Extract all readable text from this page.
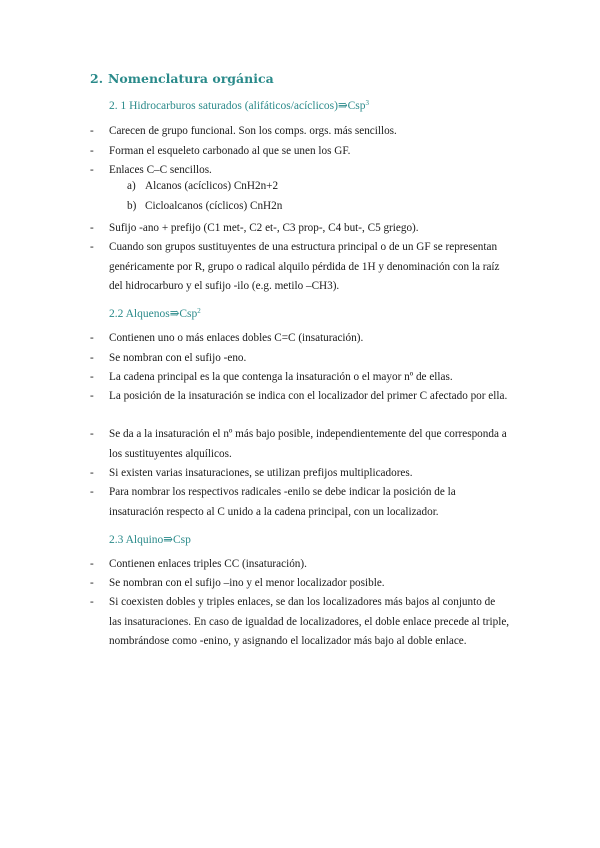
2. Nomenclatura orgánica
2. 1 Hidrocarburos saturados (alifáticos/acíclicos)⇛Csp$^3$
- Carecen de grupo funcional. Son los comps. orgs. más sencillos.
- Forman el esqueleto carbonado al que se unen los GF.
- Enlaces C–C sencillos.
a) Alcanos (acíclicos) CnH2n+2
b) Cicloalcanos (cíclicos) CnH2n
- Sufijo -ano + prefijo (C1 met-, C2 et-, C3 prop-, C4 but-, C5 griego).
- Cuando son grupos sustituyentes de una estructura principal o de un GF se representan genéricamente por R, grupo o radical alquilo pérdida de 1H y denominación con la raíz del hidrocarburo y el sufijo -ilo (e.g. metilo –CH3).
2.2 Alquenos⇛Csp$^2$
- Contienen uno o más enlaces dobles C=C (insaturación).
- Se nombran con el sufijo -eno.
- La cadena principal es la que contenga la insaturación o el mayor nº de ellas.
- La posición de la insaturación se indica con el localizador del primer C afectado por ella.
- Se da a la insaturación el nº más bajo posible, independientemente del que corresponda a los sustituyentes alquílicos.
- Si existen varias insaturaciones, se utilizan prefijos multiplicadores.
- Para nombrar los respectivos radicales -enilo se debe indicar la posición de la insaturación respecto al C unido a la cadena principal, con un localizador.
2.3 Alquino⇛Csp
- Contienen enlaces triples CC (insaturación).
- Se nombran con el sufijo –ino y el menor localizador posible.
- Si coexisten dobles y triples enlaces, se dan los localizadores más bajos al conjunto de las insaturaciones. En caso de igualdad de localizadores, el doble enlace precede al triple, nombrándose como -enino, y asignando el localizador más bajo al doble enlace.
